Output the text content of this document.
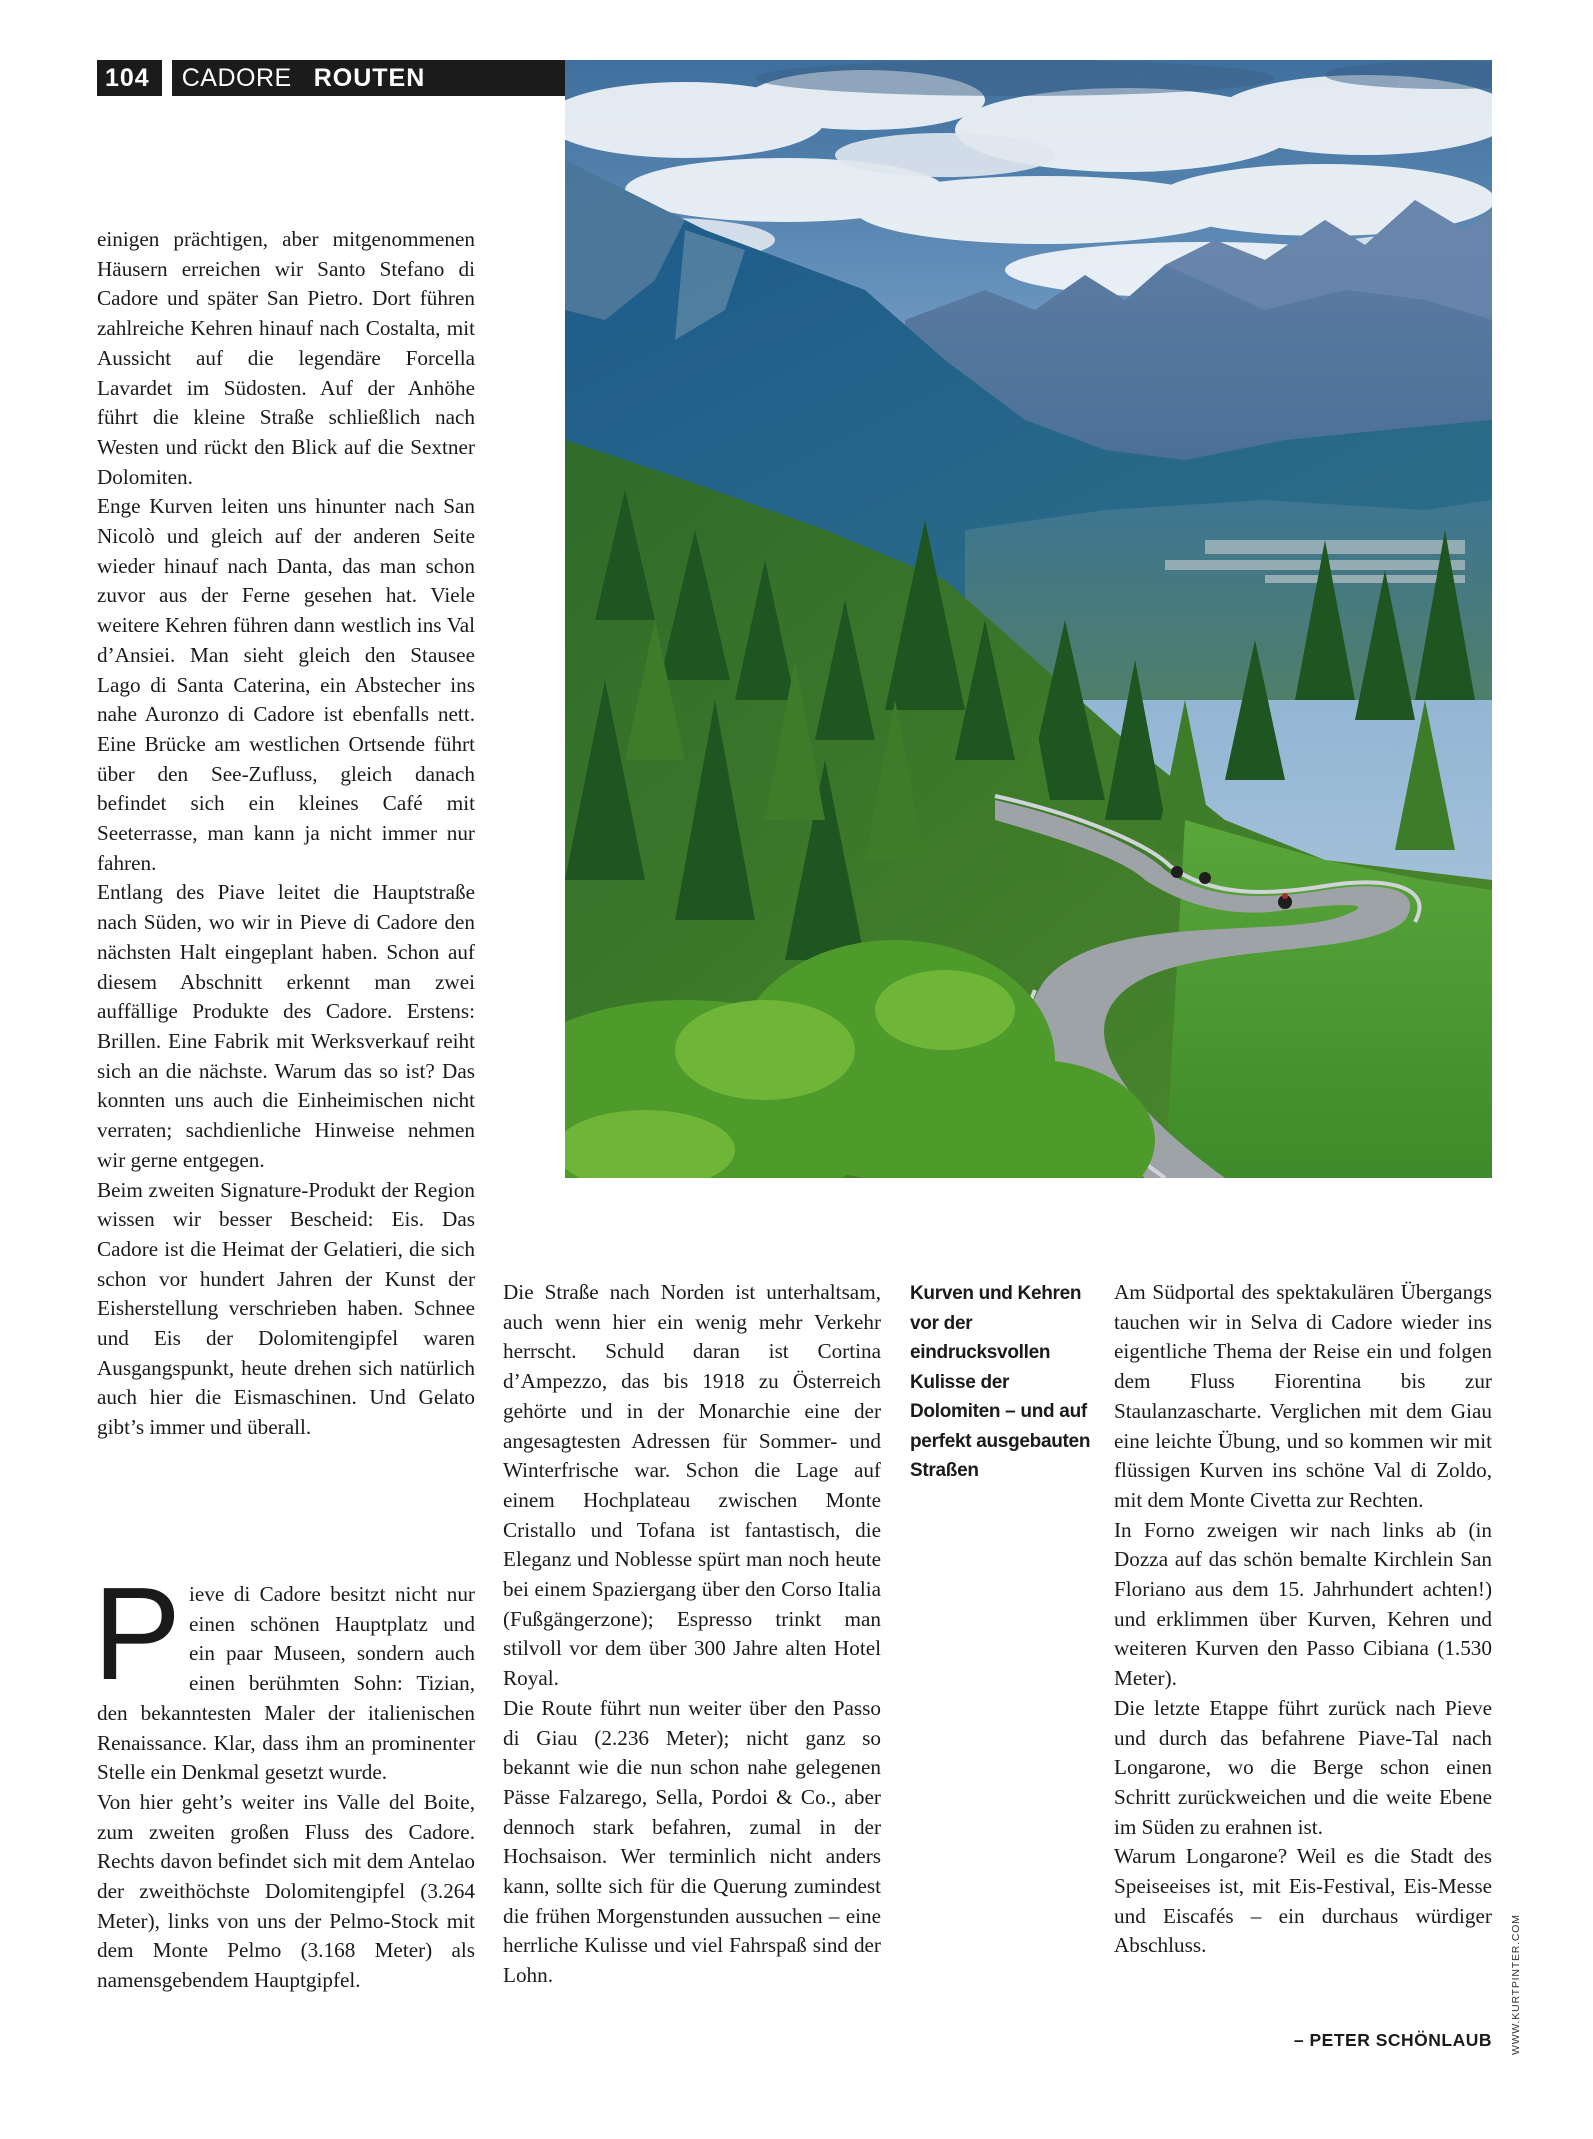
104 CADORE ROUTEN

einigen prächtigen, aber mitgenommenen Häusern erreichen wir Santo Stefano di Cadore und später San Pietro. Dort führen zahlreiche Kehren hinauf nach Costalta, mit Aussicht auf die legendäre Forcella Lavardet im Südosten. Auf der Anhöhe führt die kleine Straße schließlich nach Westen und rückt den Blick auf die Sextner Dolomiten.

Enge Kurven leiten uns hinunter nach San Nicolò und gleich auf der anderen Seite wieder hinauf nach Danta, das man schon zuvor aus der Ferne gesehen hat. Viele weitere Kehren führen dann westlich ins Val d’Ansiei. Man sieht gleich den Stausee Lago di Santa Caterina, ein Abstecher ins nahe Auronzo di Cadore ist ebenfalls nett. Eine Brücke am westlichen Ortsende führt über den See-Zufluss, gleich danach befindet sich ein kleines Café mit Seeterrasse, man kann ja nicht immer nur fahren.

Entlang des Piave leitet die Hauptstraße nach Süden, wo wir in Pieve di Cadore den nächsten Halt eingeplant haben. Schon auf diesem Abschnitt erkennt man zwei auffällige Produkte des Cadore. Erstens: Brillen. Eine Fabrik mit Werksverkauf reiht sich an die nächste. Warum das so ist? Das konnten uns auch die Einheimischen nicht verraten; sachdienliche Hinweise nehmen wir gerne entgegen.

Beim zweiten Signature-Produkt der Region wissen wir besser Bescheid: Eis. Das Cadore ist die Heimat der Gelatieri, die sich schon vor hundert Jahren der Kunst der Eisherstellung verschrieben haben. Schnee und Eis der Dolomitengipfel waren Ausgangspunkt, heute drehen sich natürlich auch hier die Eismaschinen. Und Gelato gibt’s immer und überall.

Pieve di Cadore besitzt nicht nur einen schönen Hauptplatz und ein paar Museen, sondern auch einen berühmten Sohn: Tizian, den bekanntesten Maler der italienischen Renaissance. Klar, dass ihm an prominenter Stelle ein Denkmal gesetzt wurde.

Von hier geht’s weiter ins Valle del Boite, zum zweiten großen Fluss des Cadore. Rechts davon befindet sich mit dem Antelao der zweithöchste Dolomitengipfel (3.264 Meter), links von uns der Pelmo-Stock mit dem Monte Pelmo (3.168 Meter) als namensgebendem Hauptgipfel.

Die Straße nach Norden ist unterhaltsam, auch wenn hier ein wenig mehr Verkehr herrscht. Schuld daran ist Cortina d’Ampezzo, das bis 1918 zu Österreich gehörte und in der Monarchie eine der angesagtesten Adressen für Sommer- und Winterfrische war. Schon die Lage auf einem Hochplateau zwischen Monte Cristallo und Tofana ist fantastisch, die Eleganz und Noblesse spürt man noch heute bei einem Spaziergang über den Corso Italia (Fußgängerzone); Espresso trinkt man stilvoll vor dem über 300 Jahre alten Hotel Royal.

Die Route führt nun weiter über den Passo di Giau (2.236 Meter); nicht ganz so bekannt wie die nun schon nahe gelegenen Pässe Falzarego, Sella, Pordoi & Co., aber dennoch stark befahren, zumal in der Hochsaison. Wer terminlich nicht anders kann, sollte sich für die Querung zumindest die frühen Morgenstunden aussuchen – eine herrliche Kulisse und viel Fahrspaß sind der Lohn.

Kurven und Kehren vor der eindrucksvollen Kulisse der Dolomiten – und auf perfekt ausgebauten Straßen

Am Südportal des spektakulären Übergangs tauchen wir in Selva di Cadore wieder ins eigentliche Thema der Reise ein und folgen dem Fluss Fiorentina bis zur Staulanzascharte. Verglichen mit dem Giau eine leichte Übung, und so kommen wir mit flüssigen Kurven ins schöne Val di Zoldo, mit dem Monte Civetta zur Rechten.

In Forno zweigen wir nach links ab (in Dozza auf das schön bemalte Kirchlein San Floriano aus dem 15. Jahrhundert achten!) und erklimmen über Kurven, Kehren und weiteren Kurven den Passo Cibiana (1.530 Meter).

Die letzte Etappe führt zurück nach Pieve und durch das befahrene Piave-Tal nach Longarone, wo die Berge schon einen Schritt zurückweichen und die weite Ebene im Süden zu erahnen ist.

Warum Longarone? Weil es die Stadt des Speiseeises ist, mit Eis-Festival, Eis-Messe und Eiscafés – ein durchaus würdiger Abschluss.

– PETER SCHÖNLAUB WWW.KURTPINTER.COM
